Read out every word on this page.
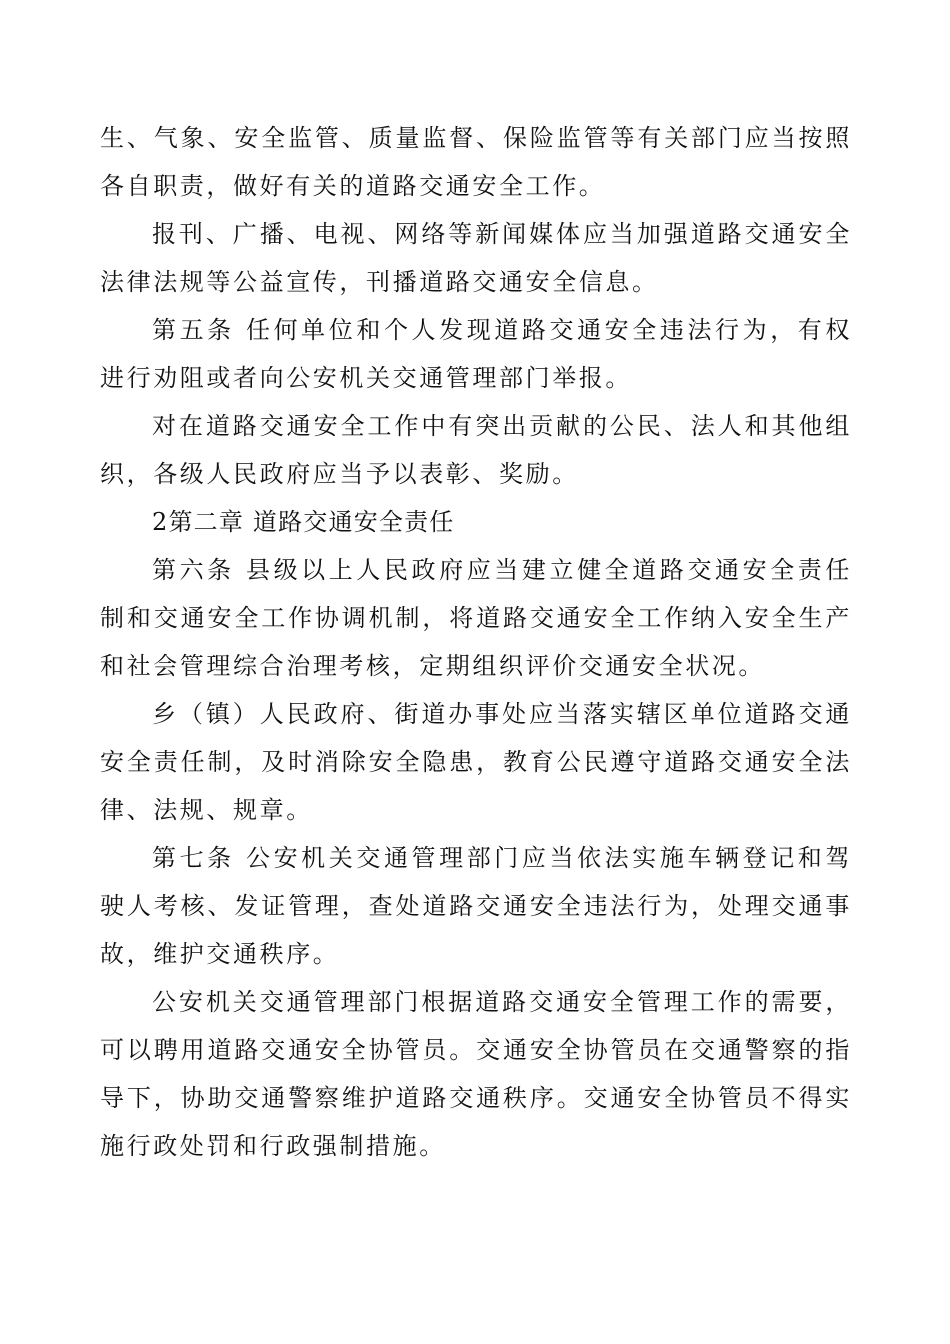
生、气象、安全监管、质量监督、保险监管等有关部门应当按照各自职责，做好有关的道路交通安全工作。

报刊、广播、电视、网络等新闻媒体应当加强道路交通安全法律法规等公益宣传，刊播道路交通安全信息。

第五条 任何单位和个人发现道路交通安全违法行为，有权进行劝阻或者向公安机关交通管理部门举报。

对在道路交通安全工作中有突出贡献的公民、法人和其他组织，各级人民政府应当予以表彰、奖励。

2第二章 道路交通安全责任

第六条 县级以上人民政府应当建立健全道路交通安全责任制和交通安全工作协调机制，将道路交通安全工作纳入安全生产和社会管理综合治理考核，定期组织评价交通安全状况。

乡（镇）人民政府、街道办事处应当落实辖区单位道路交通安全责任制，及时消除安全隐患，教育公民遵守道路交通安全法律、法规、规章。

第七条 公安机关交通管理部门应当依法实施车辆登记和驾驶人考核、发证管理，查处道路交通安全违法行为，处理交通事故，维护交通秩序。

公安机关交通管理部门根据道路交通安全管理工作的需要，可以聘用道路交通安全协管员。交通安全协管员在交通警察的指导下，协助交通警察维护道路交通秩序。交通安全协管员不得实施行政处罚和行政强制措施。
